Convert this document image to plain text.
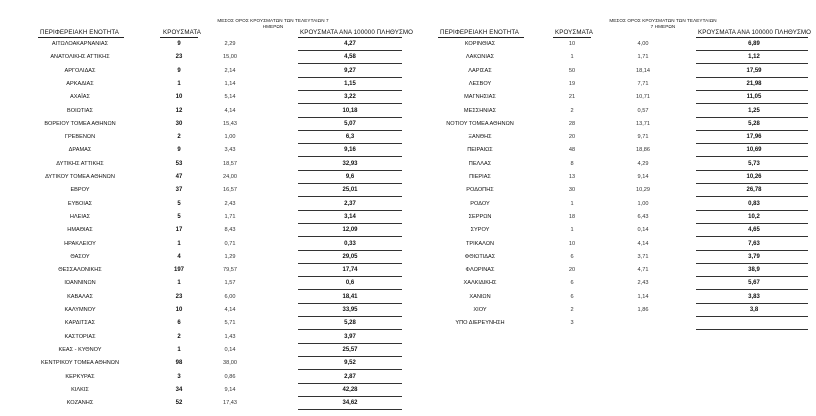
ΠΕΡΙΦΕΡΕΙΑΚΗ ΕΝΟΤΗΤΑ	ΚΡΟΥΣΜΑΤΑ
ΜΕΣΟΣ ΟΡΟΣ ΚΡΟΥΣΜΑΤΩΝ ΤΩΝ ΤΕΛΕΥΤΑΙΩΝ 7 ΗΜΕΡΩΝ
ΚΡΟΥΣΜΑΤΑ ΑΝΑ 100000 ΠΛΗΘΥΣΜΟ
ΑΙΤΩΛΟΑΚΑΡΝΑΝΙΑΣ	9	2,29	4,27
ΑΝΑΤΟΛΙΚΗΣ ΑΤΤΙΚΗΣ	23	15,00	4,58
ΑΡΓΟΛΙΔΑΣ	9	2,14	9,27
ΑΡΚΑΔΙΑΣ	1	1,14	1,15
ΑΧΑΪΑΣ	10	5,14	3,22
ΒΟΙΩΤΙΑΣ	12	4,14	10,18
ΒΟΡΕΙΟΥ ΤΟΜΕΑ ΑΘΗΝΩΝ	30	15,43	5,07
ΓΡΕΒΕΝΩΝ	2	1,00	6,3
ΔΡΑΜΑΣ	9	3,43	9,16
ΔΥΤΙΚΗΣ ΑΤΤΙΚΗΣ	53	18,57	32,93
ΔΥΤΙΚΟΥ ΤΟΜΕΑ ΑΘΗΝΩΝ	47	24,00	9,6
ΕΒΡΟΥ	37	16,57	25,01
ΕΥΒΟΙΑΣ	5	2,43	2,37
ΗΛΕΙΑΣ	5	1,71	3,14
ΗΜΑΘΙΑΣ	17	8,43	12,09
ΗΡΑΚΛΕΙΟΥ	1	0,71	0,33
ΘΑΣΟΥ	4	1,29	29,05
ΘΕΣΣΑΛΟΝΙΚΗΣ	197	79,57	17,74
ΙΩΑΝΝΙΝΩΝ	1	1,57	0,6
ΚΑΒΑΛΑΣ	23	6,00	18,41
ΚΑΛΥΜΝΟΥ	10	4,14	33,95
ΚΑΡΔΙΤΣΑΣ	6	5,71	5,28
ΚΑΣΤΟΡΙΑΣ	2	1,43	3,97
ΚΕΑΣ - ΚΥΘΝΟΥ	1	0,14	25,57
ΚΕΝΤΡΙΚΟΥ ΤΟΜΕΑ ΑΘΗΝΩΝ	98	38,00	9,52
ΚΕΡΚΥΡΑΣ	3	0,86	2,87
ΚΙΛΚΙΣ	34	9,14	42,28
ΚΟΖΑΝΗΣ	52	17,43	34,62
ΠΕΡΙΦΕΡΕΙΑΚΗ ΕΝΟΤΗΤΑ	ΚΡΟΥΣΜΑΤΑ
ΜΕΣΟΣ ΟΡΟΣ ΚΡΟΥΣΜΑΤΩΝ ΤΩΝ ΤΕΛΕΥΤΑΙΩΝ 7 ΗΜΕΡΩΝ
ΚΡΟΥΣΜΑΤΑ ΑΝΑ 100000 ΠΛΗΘΥΣΜΟ
ΚΟΡΙΝΘΙΑΣ	10	4,00	6,89
ΛΑΚΩΝΙΑΣ	1	1,71	1,12
ΛΑΡΙΣΑΣ	50	18,14	17,59
ΛΕΣΒΟΥ	19	7,71	21,98
ΜΑΓΝΗΣΙΑΣ	21	10,71	11,05
ΜΕΣΣΗΝΙΑΣ	2	0,57	1,25
ΝΟΤΙΟΥ ΤΟΜΕΑ ΑΘΗΝΩΝ	28	13,71	5,28
ΞΑΝΘΗΣ	20	9,71	17,96
ΠΕΙΡΑΙΩΣ	48	18,86	10,69
ΠΕΛΛΑΣ	8	4,29	5,73
ΠΙΕΡΙΑΣ	13	9,14	10,26
ΡΟΔΟΠΗΣ	30	10,29	26,78
ΡΟΔΟΥ	1	1,00	0,83
ΣΕΡΡΩΝ	18	6,43	10,2
ΣΥΡΟΥ	1	0,14	4,65
ΤΡΙΚΑΛΩΝ	10	4,14	7,63
ΦΘΙΩΤΙΔΑΣ	6	3,71	3,79
ΦΛΩΡΙΝΑΣ	20	4,71	38,9
ΧΑΛΚΙΔΙΚΗΣ	6	2,43	5,67
ΧΑΝΙΩΝ	6	1,14	3,83
ΧΙΟΥ	2	1,86	3,8
ΥΠΟ ΔΙΕΡΕΥΝΗΣΗ	3
